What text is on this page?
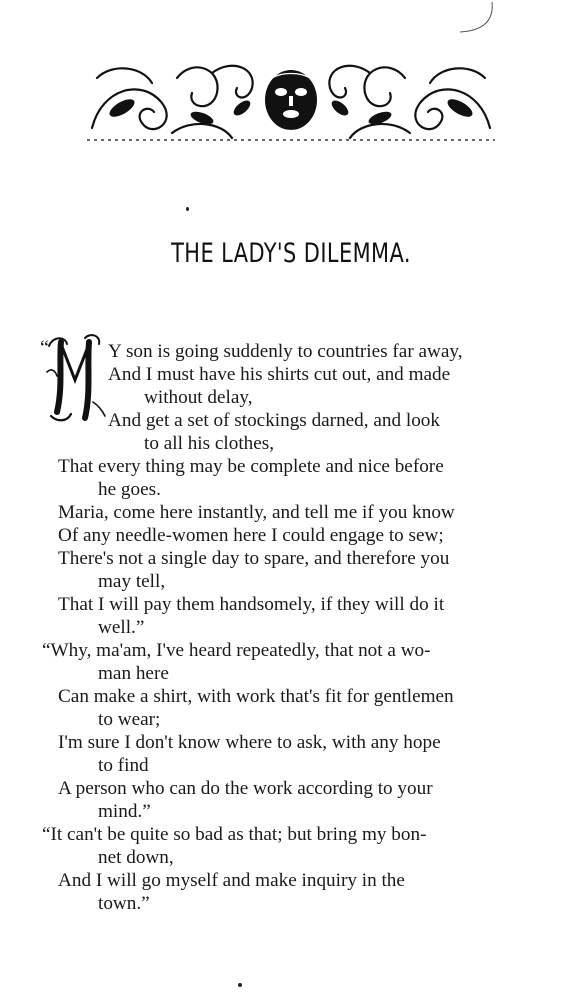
THE LADY'S DILEMMA.
“	Y son is going suddenly to countries far away,

And I must have his shirts cut out, and made

without delay,

And get a set of stockings darned, and look

to all his clothes,

That every thing may be complete and nice before

he goes.

Maria, come here instantly, and tell me if you know

Of any needle-women here I could engage to sew;

There's not a single day to spare, and therefore you

may tell,

That I will pay them handsomely, if they will do it

well.”

“Why, ma'am, I've heard repeatedly, that not a wo-

man here

Can make a shirt, with work that's fit for gentlemen

to wear;

I'm sure I don't know where to ask, with any hope

to find

A person who can do the work according to your

mind.”

“It can't be quite so bad as that; but bring my bon-

net down,

And I will go myself and make inquiry in the

town.”
